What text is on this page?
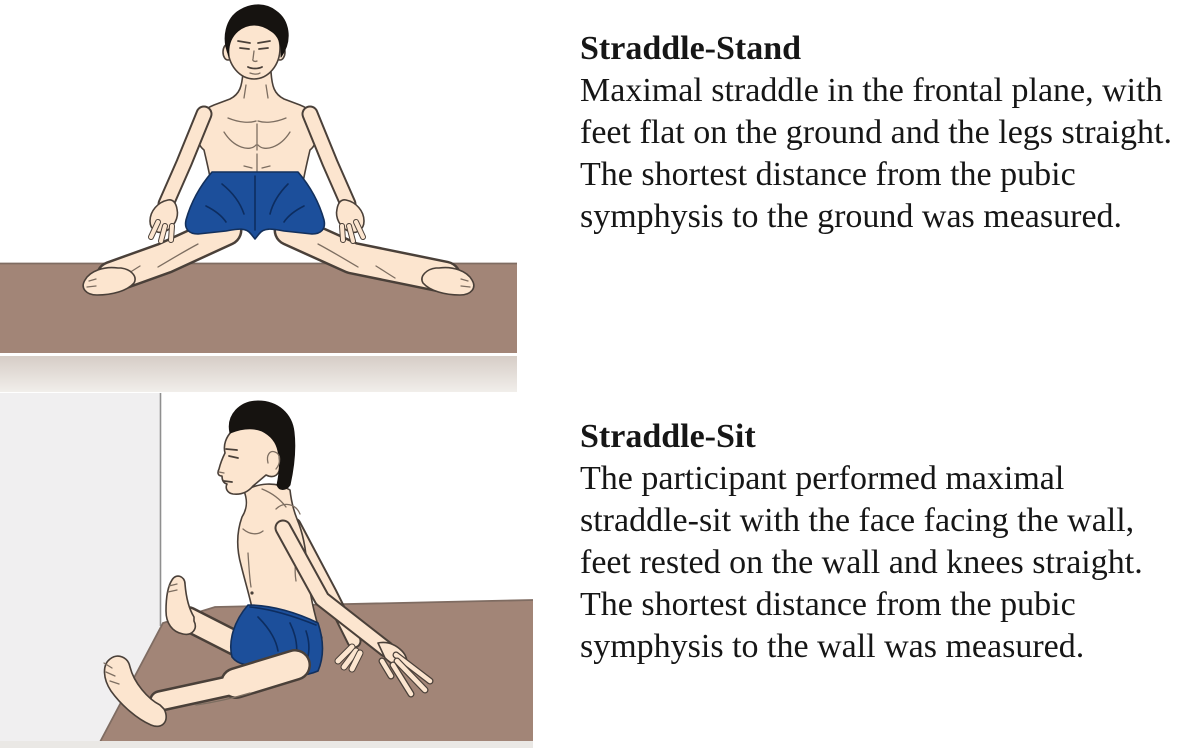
Straddle-Stand

Maximal straddle in the frontal plane, with feet flat on the ground and the legs straight. The shortest distance from the pubic symphysis to the ground was measured.

Straddle-Sit

The participant performed maximal straddle-sit with the face facing the wall, feet rested on the wall and knees straight. The shortest distance from the pubic symphysis to the wall was measured.
